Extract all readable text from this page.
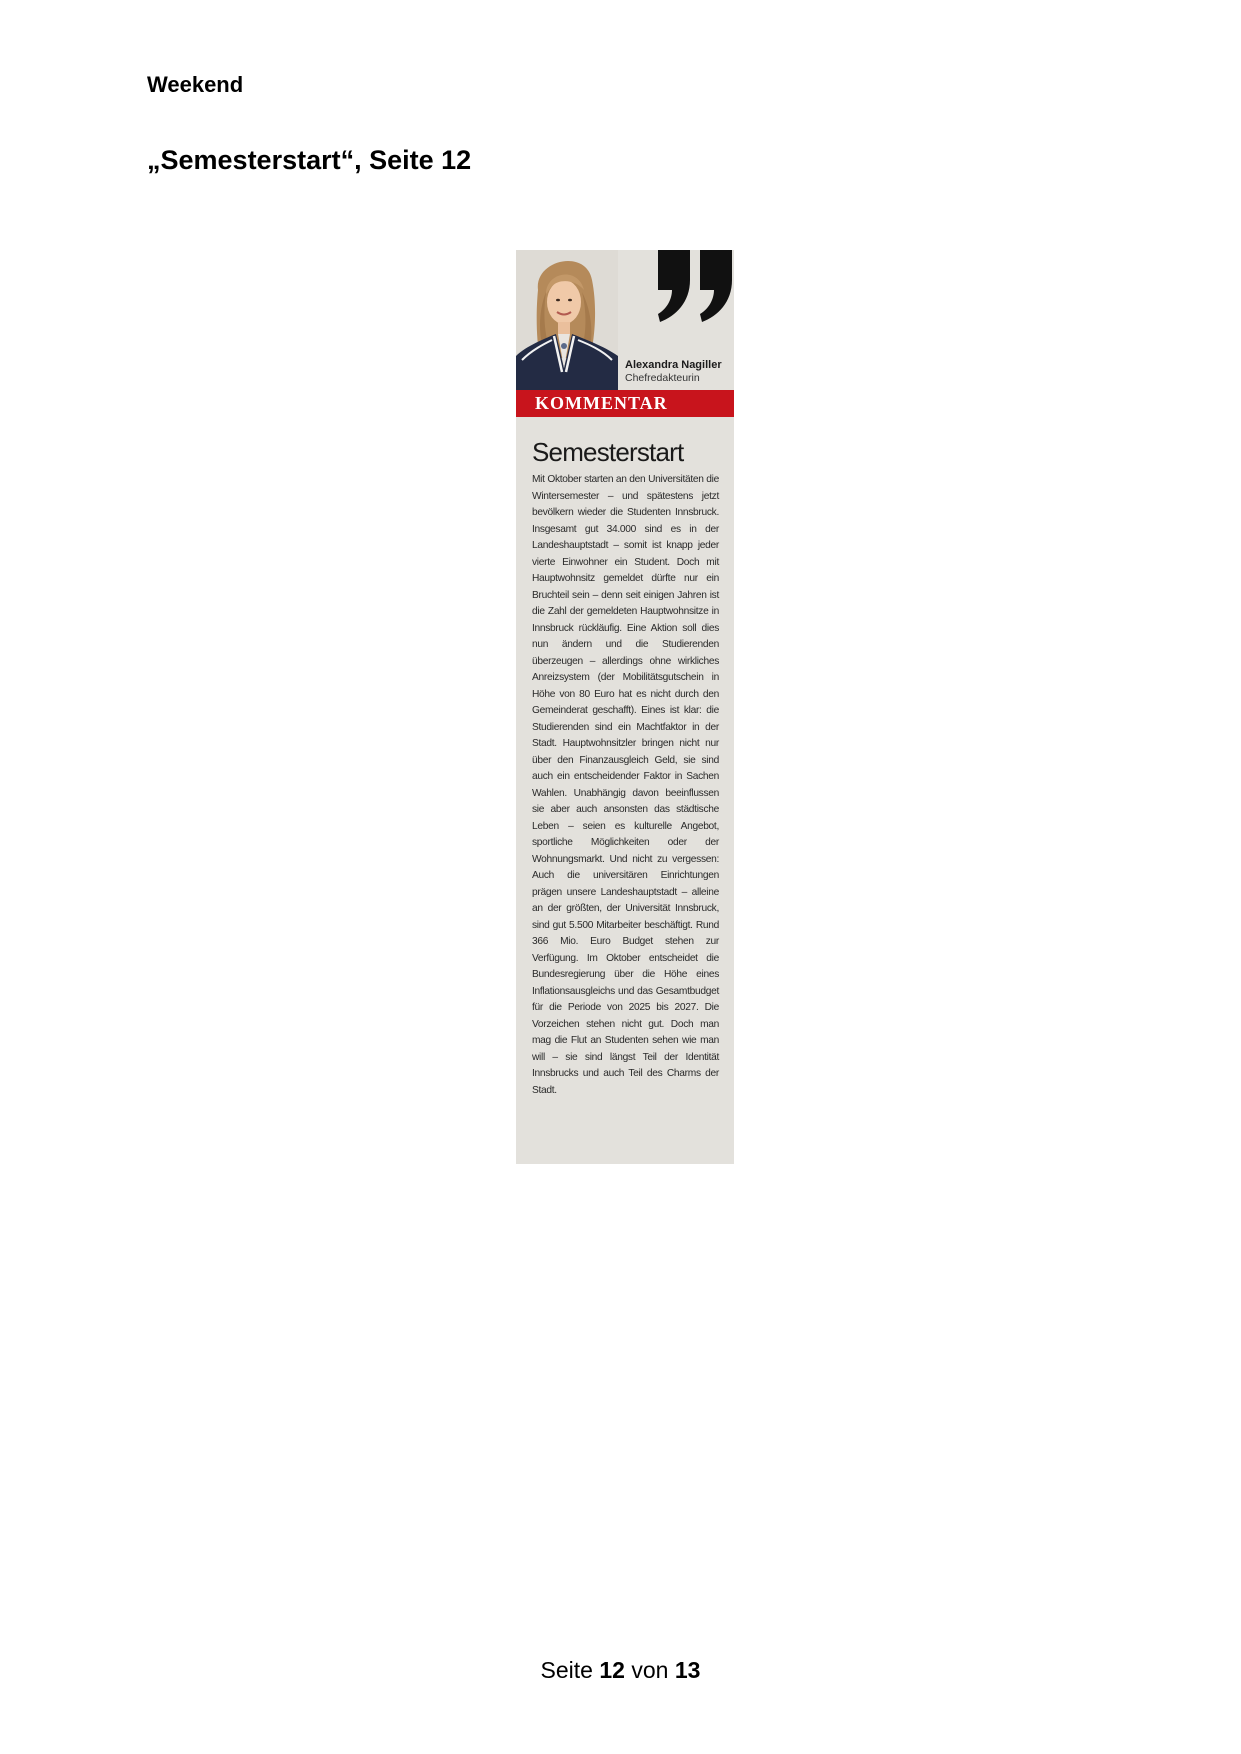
Weekend
„Semesterstart“, Seite 12
Alexandra Nagiller
Chefredakteurin
KOMMENTAR
Semesterstart

Mit Oktober starten an den Universitäten die Wintersemester – und spätestens jetzt bevölkern wieder die Studenten Innsbruck. Insgesamt gut 34.000 sind es in der Landeshauptstadt – somit ist knapp jeder vierte Einwohner ein Student. Doch mit Hauptwohnsitz gemeldet dürfte nur ein Bruchteil sein – denn seit einigen Jahren ist die Zahl der gemeldeten Hauptwohnsitze in Innsbruck rückläufig. Eine Aktion soll dies nun ändern und die Studierenden überzeugen – allerdings ohne wirkliches Anreizsystem (der Mobilitätsgutschein in Höhe von 80 Euro hat es nicht durch den Gemeinderat geschafft). Eines ist klar: die Studierenden sind ein Machtfaktor in der Stadt. Hauptwohnsitzler bringen nicht nur über den Finanzausgleich Geld, sie sind auch ein entscheidender Faktor in Sachen Wahlen. Unabhängig davon beeinflussen sie aber auch ansonsten das städtische Leben – seien es kulturelle Angebot, sportliche Möglichkeiten oder der Wohnungsmarkt. Und nicht zu vergessen: Auch die universitären Einrichtungen prägen unsere Landeshauptstadt – alleine an der größten, der Universität Innsbruck, sind gut 5.500 Mitarbeiter beschäftigt. Rund 366 Mio. Euro Budget stehen zur Verfügung. Im Oktober entscheidet die Bundesregierung über die Höhe eines Inflationsausgleichs und das Gesamtbudget für die Periode von 2025 bis 2027. Die Vorzeichen stehen nicht gut. Doch man mag die Flut an Studenten sehen wie man will – sie sind längst Teil der Identität Innsbrucks und auch Teil des Charms der Stadt.

Seite 12 von 13
